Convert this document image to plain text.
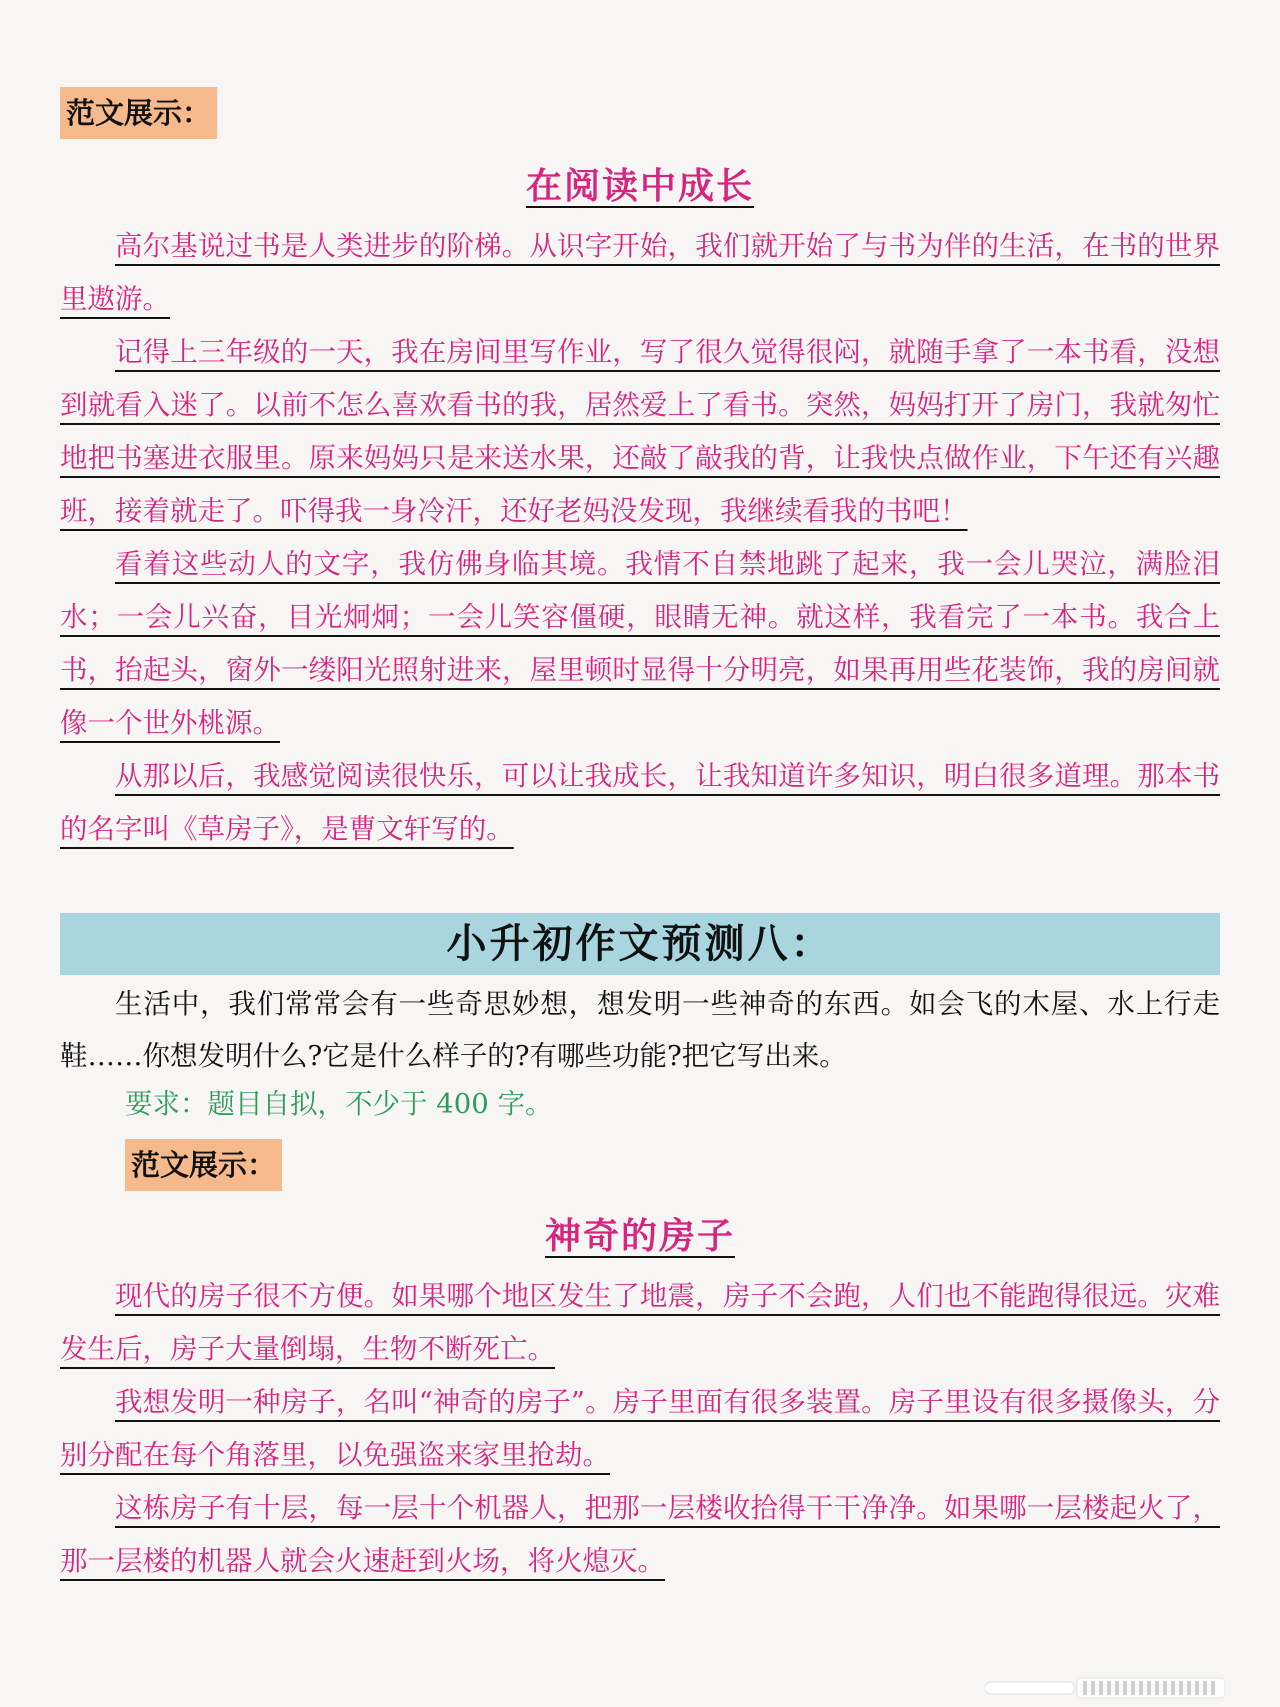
范文展示：
在阅读中成长

高尔基说过书是人类进步的阶梯。从识字开始，我们就开始了与书为伴的生活，在书的世界里遨游。

记得上三年级的一天，我在房间里写作业，写了很久觉得很闷，就随手拿了一本书看，没想到就看入迷了。以前不怎么喜欢看书的我，居然爱上了看书。突然，妈妈打开了房门，我就匆忙地把书塞进衣服里。原来妈妈只是来送水果，还敲了敲我的背，让我快点做作业，下午还有兴趣班，接着就走了。吓得我一身冷汗，还好老妈没发现，我继续看我的书吧！

看着这些动人的文字，我仿佛身临其境。我情不自禁地跳了起来，我一会儿哭泣，满脸泪水；一会儿兴奋，目光炯炯；一会儿笑容僵硬，眼睛无神。就这样，我看完了一本书。我合上书，抬起头，窗外一缕阳光照射进来，屋里顿时显得十分明亮，如果再用些花装饰，我的房间就像一个世外桃源。

从那以后，我感觉阅读很快乐，可以让我成长，让我知道许多知识，明白很多道理。那本书的名字叫《草房子》，是曹文轩写的。

小升初作文预测八：

生活中，我们常常会有一些奇思妙想，想发明一些神奇的东西。如会飞的木屋、水上行走鞋……你想发明什么?它是什么样子的?有哪些功能?把它写出来。

要求：题目自拟，不少于 400 字。
范文展示：
神奇的房子

现代的房子很不方便。如果哪个地区发生了地震，房子不会跑，人们也不能跑得很远。灾难发生后，房子大量倒塌，生物不断死亡。

我想发明一种房子，名叫“神奇的房子”。房子里面有很多装置。房子里设有很多摄像头，分别分配在每个角落里，以免强盗来家里抢劫。

这栋房子有十层，每一层十个机器人，把那一层楼收拾得干干净净。如果哪一层楼起火了，那一层楼的机器人就会火速赶到火场，将火熄灭。
